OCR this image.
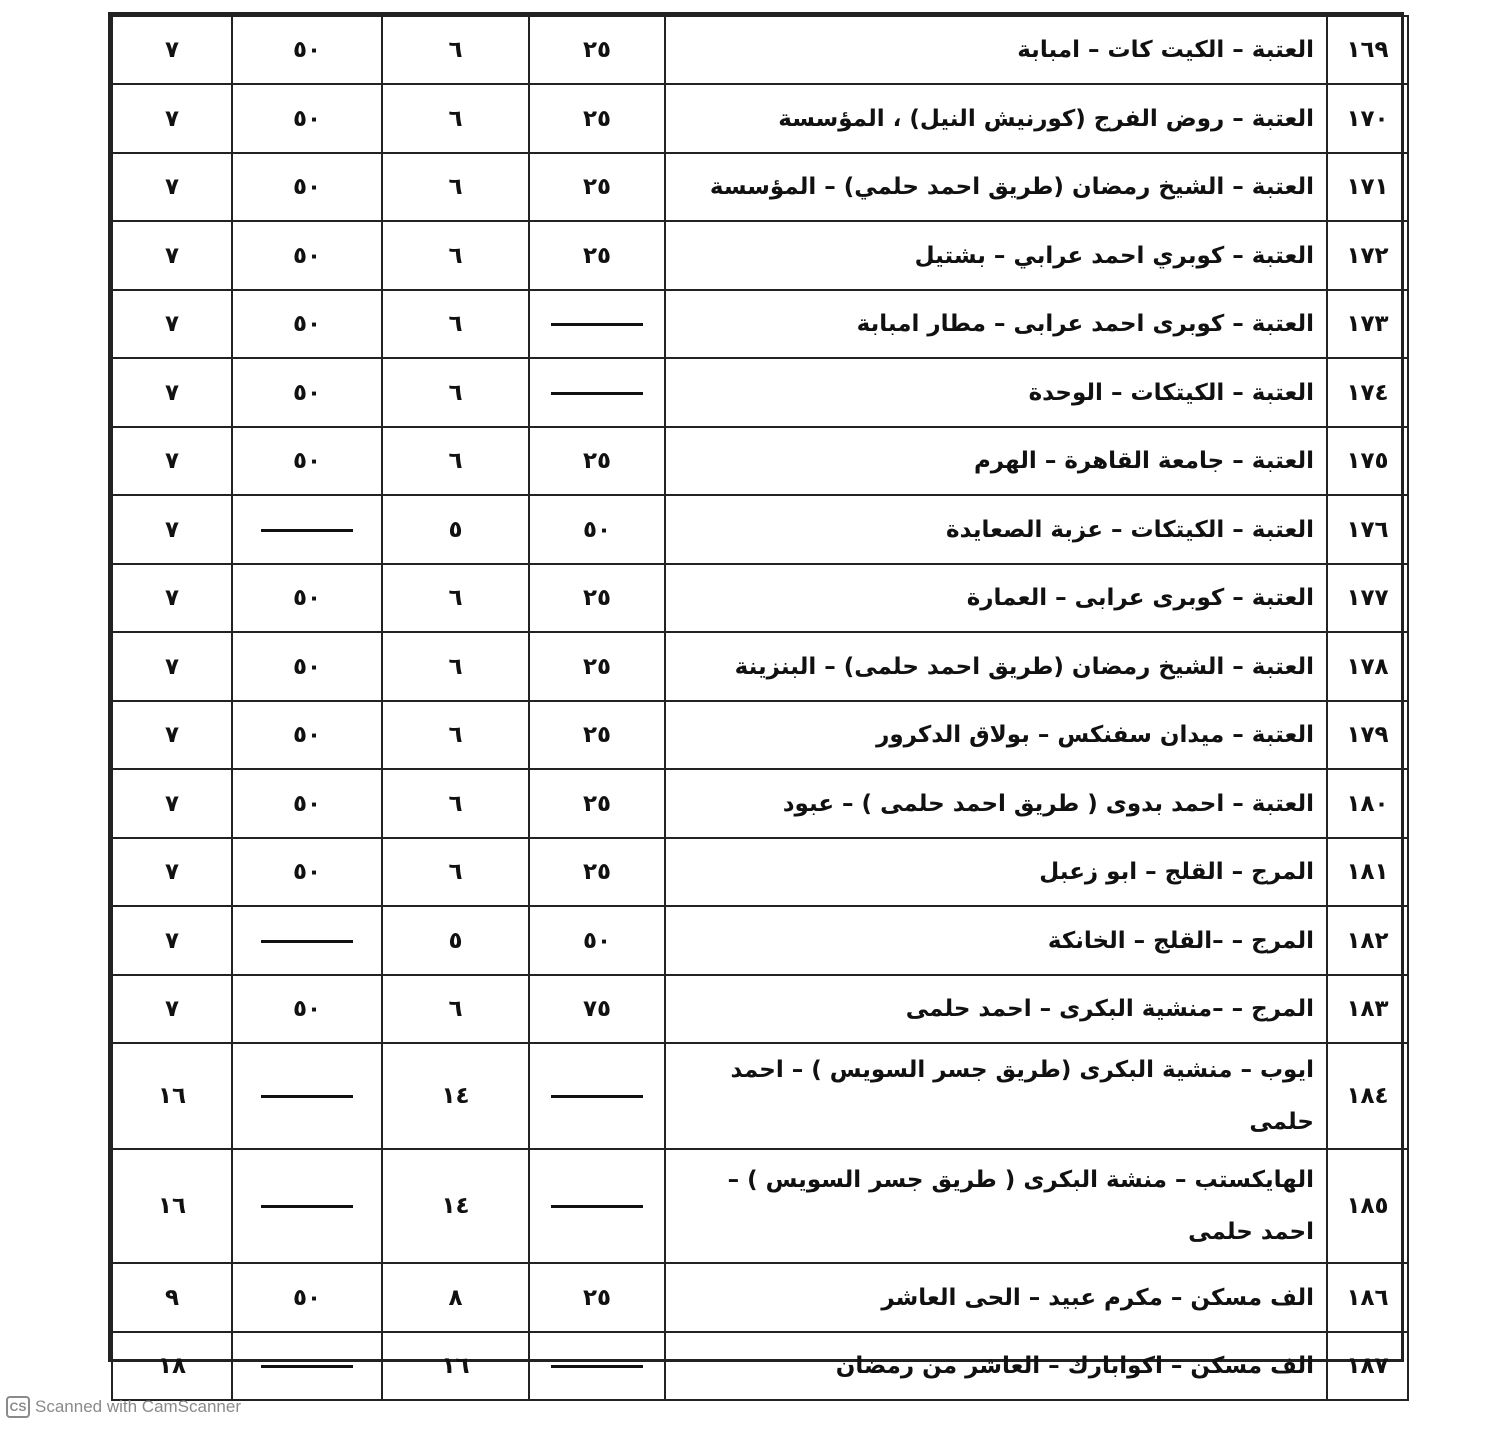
٧	٥٠	٦	٢٥	العتبة – الكيت كات – امبابة	١٦٩
٧	٥٠	٦	٢٥	العتبة – روض الفرج (كورنيش النيل) ، المؤسسة	١٧٠
٧	٥٠	٦	٢٥	العتبة – الشيخ رمضان (طريق احمد حلمي) – المؤسسة	١٧١
٧	٥٠	٦	٢٥	العتبة – كوبري احمد عرابي – بشتيل	١٧٢
٧	٥٠	٦		العتبة – كوبرى احمد عرابى – مطار امبابة	١٧٣
٧	٥٠	٦		العتبة – الكيتكات – الوحدة	١٧٤
٧	٥٠	٦	٢٥	العتبة – جامعة القاهرة – الهرم	١٧٥
٧		٥	٥٠	العتبة – الكيتكات – عزبة الصعايدة	١٧٦
٧	٥٠	٦	٢٥	العتبة – كوبرى عرابى – العمارة	١٧٧
٧	٥٠	٦	٢٥	العتبة – الشيخ رمضان (طريق احمد حلمى) – البنزينة	١٧٨
٧	٥٠	٦	٢٥	العتبة – ميدان سفنكس – بولاق الدكرور	١٧٩
٧	٥٠	٦	٢٥	العتبة – احمد بدوى ( طريق احمد حلمى ) – عبود	١٨٠
٧	٥٠	٦	٢٥	المرج – القلج – ابو زعبل	١٨١
٧		٥	٥٠	المرج – –القلج – الخانكة	١٨٢
٧	٥٠	٦	٧٥	المرج – –منشية البكرى – احمد حلمى	١٨٣
١٦		١٤		ايوب – منشية البكرى (طريق جسر السويس ) – احمد حلمى	١٨٤
١٦		١٤		الهايكستب – منشة البكرى ( طريق جسر السويس ) – احمد حلمى	١٨٥
٩	٥٠	٨	٢٥	الف مسكن – مكرم عبيد – الحى العاشر	١٨٦
١٨		١٦		الف مسكن – اكوابارك – العاشر من رمضان	١٨٧
CS Scanned with CamScanner
